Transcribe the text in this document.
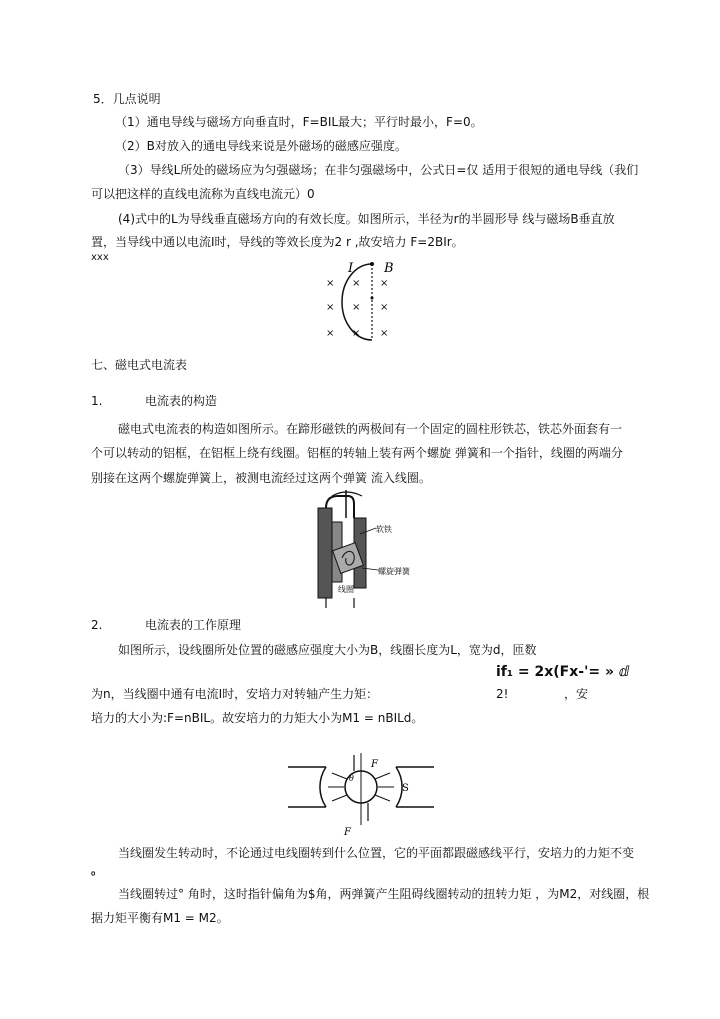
5．几点说明
（1）通电导线与磁场方向垂直时，F=BIL最大；平行时最小，F=0。
（2）B对放入的通电导线来说是外磁场的磁感应强度。
（3）导线L所处的磁场应为匀强磁场；在非匀强磁场中，公式日=仅 适用于很短的通电导线（我们
可以把这样的直线电流称为直线电流元）0
(4)式中的L为导线垂直磁场方向的有效长度。如图所示，半径为r的半圆形导 线与磁场B垂直放
置，当导线中通以电流I时，导线的等效长度为2 r ,故安培力 F=2BIr。
xxx
I B
×
×
×
×
×
×
×
×
×
七、磁电式电流表
1.	电流表的构造
磁电式电流表的构造如图所示。在蹄形磁铁的两极间有一个固定的圆柱形铁芯，铁芯外面套有一
个可以转动的铝框，在铝框上绕有线圈。铝框的转轴上装有两个螺旋 弹簧和一个指针，线圈的两端分
别接在这两个螺旋弹簧上，被测电流经过这两个弹簧 流入线圈。
软铁
螺旋弹簧
线圈
2.	电流表的工作原理
如图所示，设线圈所处位置的磁感应强度大小为B，线圈长度为L，宽为d，匝数
if₁ = 2x(Fx-'= » ⅆ
为n，当线圈中通有电流I时，安培力对转轴产生力矩：	2!	，安
培力的大小为:F=nBIL。故安培力的力矩大小为M1 = nBILd。
F
F
S
θ
当线圈发生转动时，不论通过电线圈转到什么位置，它的平面都跟磁感线平行，安培力的力矩不变
。
当线圈转过° 角时，这时指针偏角为$角，两弹簧产生阻碍线圈转动的扭转力矩 ，为M2，对线圈，根
据力矩平衡有M1 = M2。
